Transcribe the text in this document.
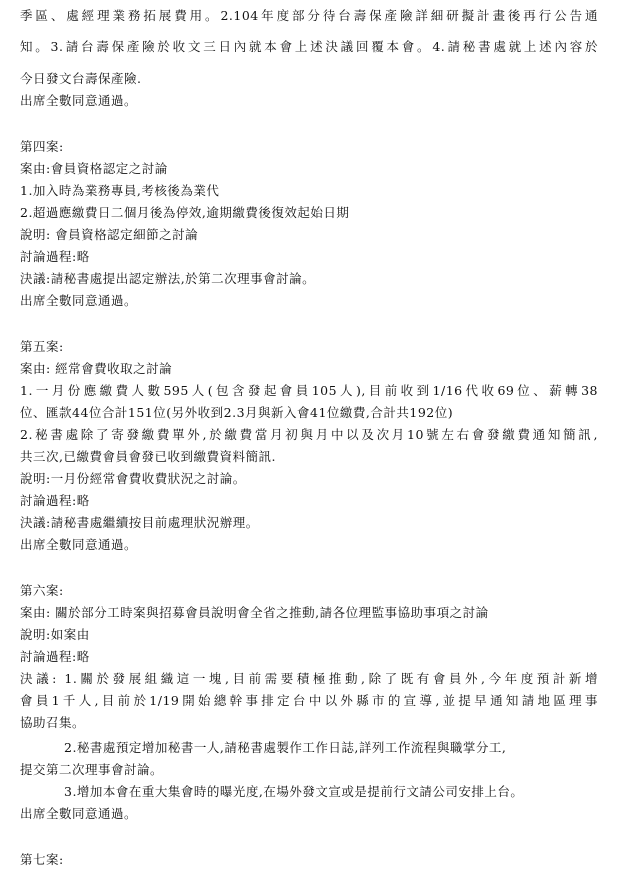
季區、處經理業務拓展費用。2.104年度部分待台壽保產險詳細研擬計畫後再行公告通
知。3.請台壽保產險於收文三日內就本會上述決議回覆本會。4.請秘書處就上述內容於
今日發文台壽保產險.
出席全數同意通過。
第四案:
案由:會員資格認定之討論
1.加入時為業務專員,考核後為業代
2.超過應繳費日二個月後為停效,逾期繳費後復效起始日期
說明: 會員資格認定細節之討論
討論過程:略
決議:請秘書處提出認定辦法,於第二次理事會討論。
出席全數同意通過。
第五案:
案由: 經常會費收取之討論
1.一月份應繳費人數595人(包含發起會員105人),目前收到1/16代收69位、薪轉38
位、匯款44位合計151位(另外收到2.3月與新入會41位繳費,合計共192位)
2.秘書處除了寄發繳費單外,於繳費當月初與月中以及次月10號左右會發繳費通知簡訊,
共三次,已繳費會員會發已收到繳費資料簡訊.
說明:一月份經常會費收費狀況之討論。
討論過程:略
決議:請秘書處繼續按目前處理狀況辦理。
出席全數同意通過。
第六案:
案由: 關於部分工時案與招募會員說明會全省之推動,請各位理監事協助事項之討論
說明:如案由
討論過程:略
決議: 1.關於發展組織這一塊,目前需要積極推動,除了既有會員外,今年度預計新增
會員1千人,目前於1/19開始總幹事排定台中以外縣市的宣導,並提早通知請地區理事
協助召集。
2.秘書處預定增加秘書一人,請秘書處製作工作日誌,詳列工作流程與職掌分工,
提交第二次理事會討論。
3.增加本會在重大集會時的曝光度,在場外發文宣或是提前行文請公司安排上台。
出席全數同意通過。
第七案:
